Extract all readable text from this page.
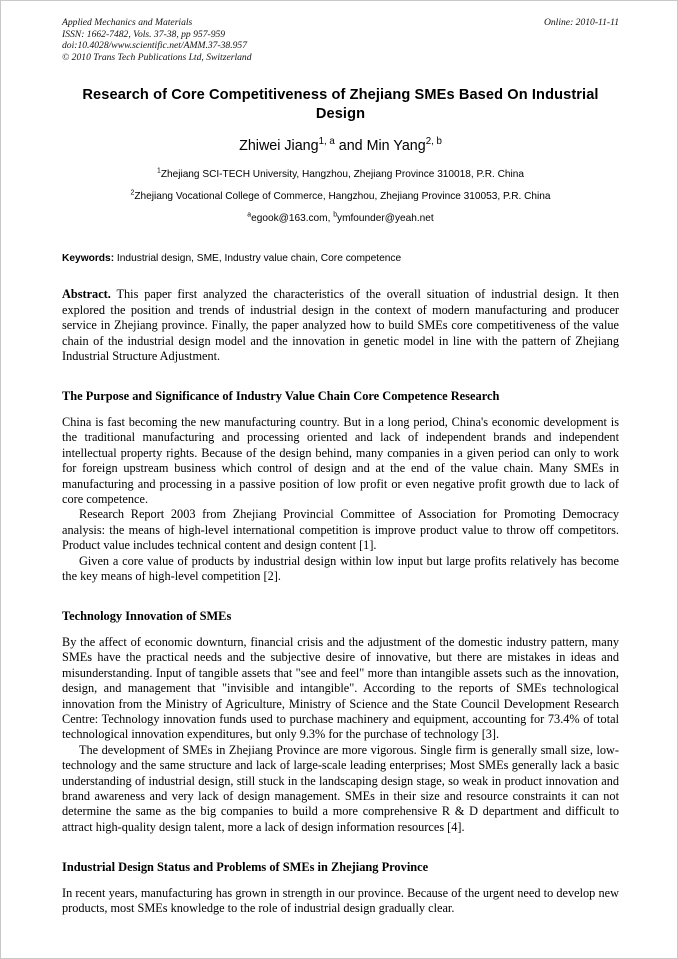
Applied Mechanics and Materials
ISSN: 1662-7482, Vols. 37-38, pp 957-959
doi:10.4028/www.scientific.net/AMM.37-38.957
© 2010 Trans Tech Publications Ltd, Switzerland
Online: 2010-11-11
Research of Core Competitiveness of Zhejiang SMEs Based On Industrial Design

Zhiwei Jiang$^{1, a}$ and Min Yang$^{2, b}$

$^1$Zhejiang SCI-TECH University, Hangzhou, Zhejiang Province 310018, P.R. China

$^2$Zhejiang Vocational College of Commerce, Hangzhou, Zhejiang Province 310053, P.R. China

$^a$egook@163.com, $^b$ymfounder@yeah.net

Keywords: Industrial design, SME, Industry value chain, Core competence

Abstract. This paper first analyzed the characteristics of the overall situation of industrial design. It then explored the position and trends of industrial design in the context of modern manufacturing and producer service in Zhejiang province. Finally, the paper analyzed how to build SMEs core competitiveness of the value chain of the industrial design model and the innovation in genetic model in line with the pattern of Zhejiang Industrial Structure Adjustment.

The Purpose and Significance of Industry Value Chain Core Competence Research

China is fast becoming the new manufacturing country. But in a long period, China's economic development is the traditional manufacturing and processing oriented and lack of independent brands and independent intellectual property rights. Because of the design behind, many companies in a given period can only to work for foreign upstream business which control of design and at the end of the value chain. Many SMEs in manufacturing and processing in a passive position of low profit or even negative profit growth due to lack of core competence.

Research Report 2003 from Zhejiang Provincial Committee of Association for Promoting Democracy analysis: the means of high-level international competition is improve product value to throw off competitors. Product value includes technical content and design content [1].

Given a core value of products by industrial design within low input but large profits relatively has become the key means of high-level competition [2].

Technology Innovation of SMEs

By the affect of economic downturn, financial crisis and the adjustment of the domestic industry pattern, many SMEs have the practical needs and the subjective desire of innovative, but there are mistakes in ideas and misunderstanding. Input of tangible assets that "see and feel" more than intangible assets such as the innovation, design, and management that "invisible and intangible". According to the reports of SMEs technological innovation from the Ministry of Agriculture, Ministry of Science and the State Council Development Research Centre: Technology innovation funds used to purchase machinery and equipment, accounting for 73.4% of total technological innovation expenditures, but only 9.3% for the purchase of technology [3].

The development of SMEs in Zhejiang Province are more vigorous. Single firm is generally small size, low-technology and the same structure and lack of large-scale leading enterprises; Most SMEs generally lack a basic understanding of industrial design, still stuck in the landscaping design stage, so weak in product innovation and brand awareness and very lack of design management. SMEs in their size and resource constraints it can not determine the same as the big companies to build a more comprehensive R & D department and difficult to attract high-quality design talent, more a lack of design information resources [4].

Industrial Design Status and Problems of SMEs in Zhejiang Province

In recent years, manufacturing has grown in strength in our province. Because of the urgent need to develop new products, most SMEs knowledge to the role of industrial design gradually clear.
